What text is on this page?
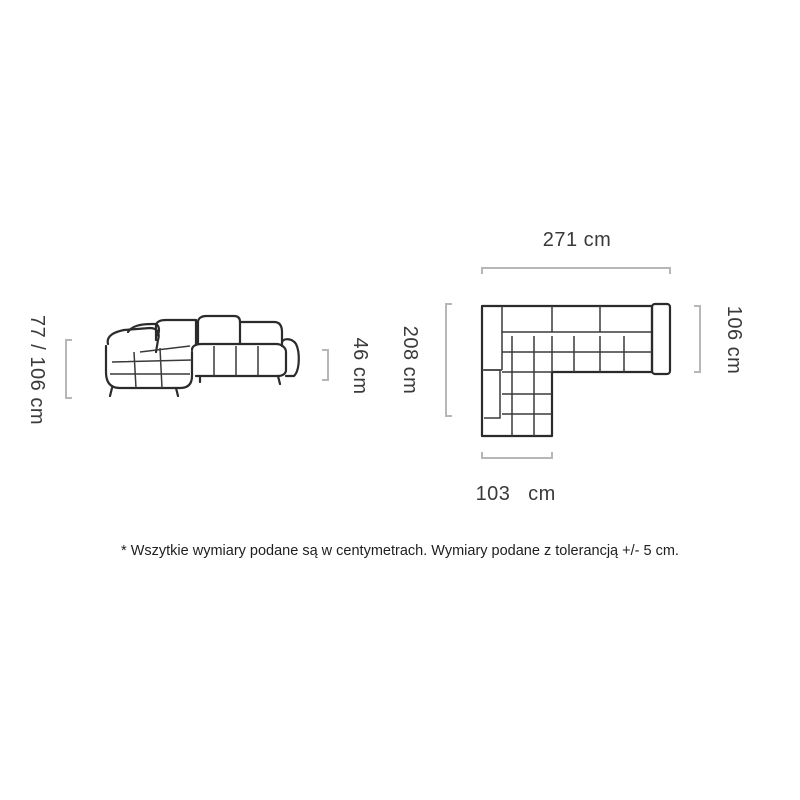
77 / 106 cm	46 cm
271 cm
208 cm	106 cm
103 cm
* Wszytkie wymiary podane są w centymetrach. Wymiary podane z tolerancją +/- 5 cm.
